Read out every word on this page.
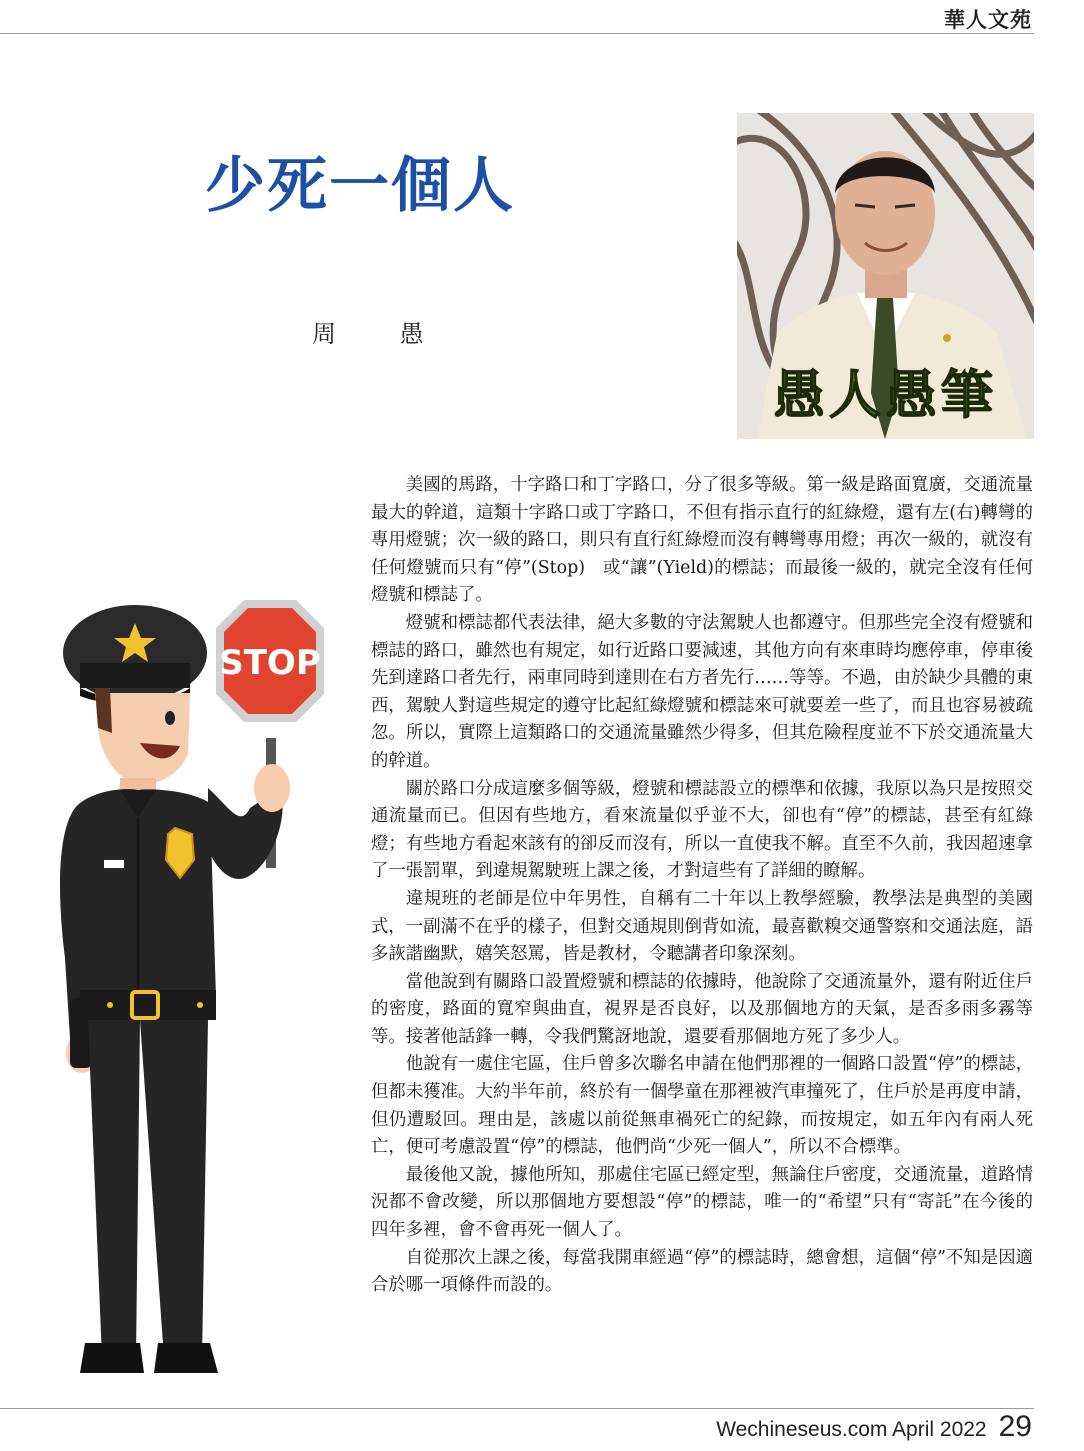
華人文苑
少死一個人
周 愚
愚人愚筆
STOP

美國的馬路，十字路口和丁字路口，分了很多等級。第一級是路面寬廣，交通流量最大的幹道，這類十字路口或丁字路口，不但有指示直行的紅綠燈，還有左(右)轉彎的專用燈號；次一級的路口，則只有直行紅綠燈而沒有轉彎專用燈；再次一級的，就沒有任何燈號而只有“停”(Stop)　或“讓”(Yield)的標誌；而最後一級的，就完全沒有任何燈號和標誌了。

燈號和標誌都代表法律，絕大多數的守法駕駛人也都遵守。但那些完全沒有燈號和標誌的路口，雖然也有規定，如行近路口要減速，其他方向有來車時均應停車，停車後先到達路口者先行，兩車同時到達則在右方者先行……等等。不過，由於缺少具體的東西，駕駛人對這些規定的遵守比起紅綠燈號和標誌來可就要差一些了，而且也容易被疏忽。所以，實際上這類路口的交通流量雖然少得多，但其危險程度並不下於交通流量大的幹道。

關於路口分成這麼多個等級，燈號和標誌設立的標準和依據，我原以為只是按照交通流量而已。但因有些地方，看來流量似乎並不大，卻也有“停”的標誌，甚至有紅綠燈；有些地方看起來該有的卻反而沒有，所以一直使我不解。直至不久前，我因超速拿了一張罰單，到違規駕駛班上課之後，才對這些有了詳細的瞭解。

違規班的老師是位中年男性，自稱有二十年以上教學經驗，教學法是典型的美國式，一副滿不在乎的樣子，但對交通規則倒背如流，最喜歡糗交通警察和交通法庭，語多詼諧幽默，嬉笑怒罵，皆是教材，令聽講者印象深刻。

當他說到有關路口設置燈號和標誌的依據時，他說除了交通流量外，還有附近住戶的密度，路面的寬窄與曲直，視界是否良好，以及那個地方的天氣，是否多雨多霧等等。接著他話鋒一轉，令我們驚訝地說，還要看那個地方死了多少人。

他說有一處住宅區，住戶曾多次聯名申請在他們那裡的一個路口設置“停”的標誌，但都未獲准。大約半年前，終於有一個學童在那裡被汽車撞死了，住戶於是再度申請，但仍遭駁回。理由是，該處以前從無車禍死亡的紀錄，而按規定，如五年內有兩人死亡，便可考慮設置“停”的標誌，他們尚“少死一個人”，所以不合標準。

最後他又說，據他所知，那處住宅區已經定型，無論住戶密度，交通流量，道路情況都不會改變，所以那個地方要想設“停”的標誌，唯一的“希望”只有“寄託”在今後的四年多裡，會不會再死一個人了。

自從那次上課之後，每當我開車經過“停”的標誌時，總會想，這個“停”不知是因適合於哪一項條件而設的。

Wechineseus.com April 2022 29
